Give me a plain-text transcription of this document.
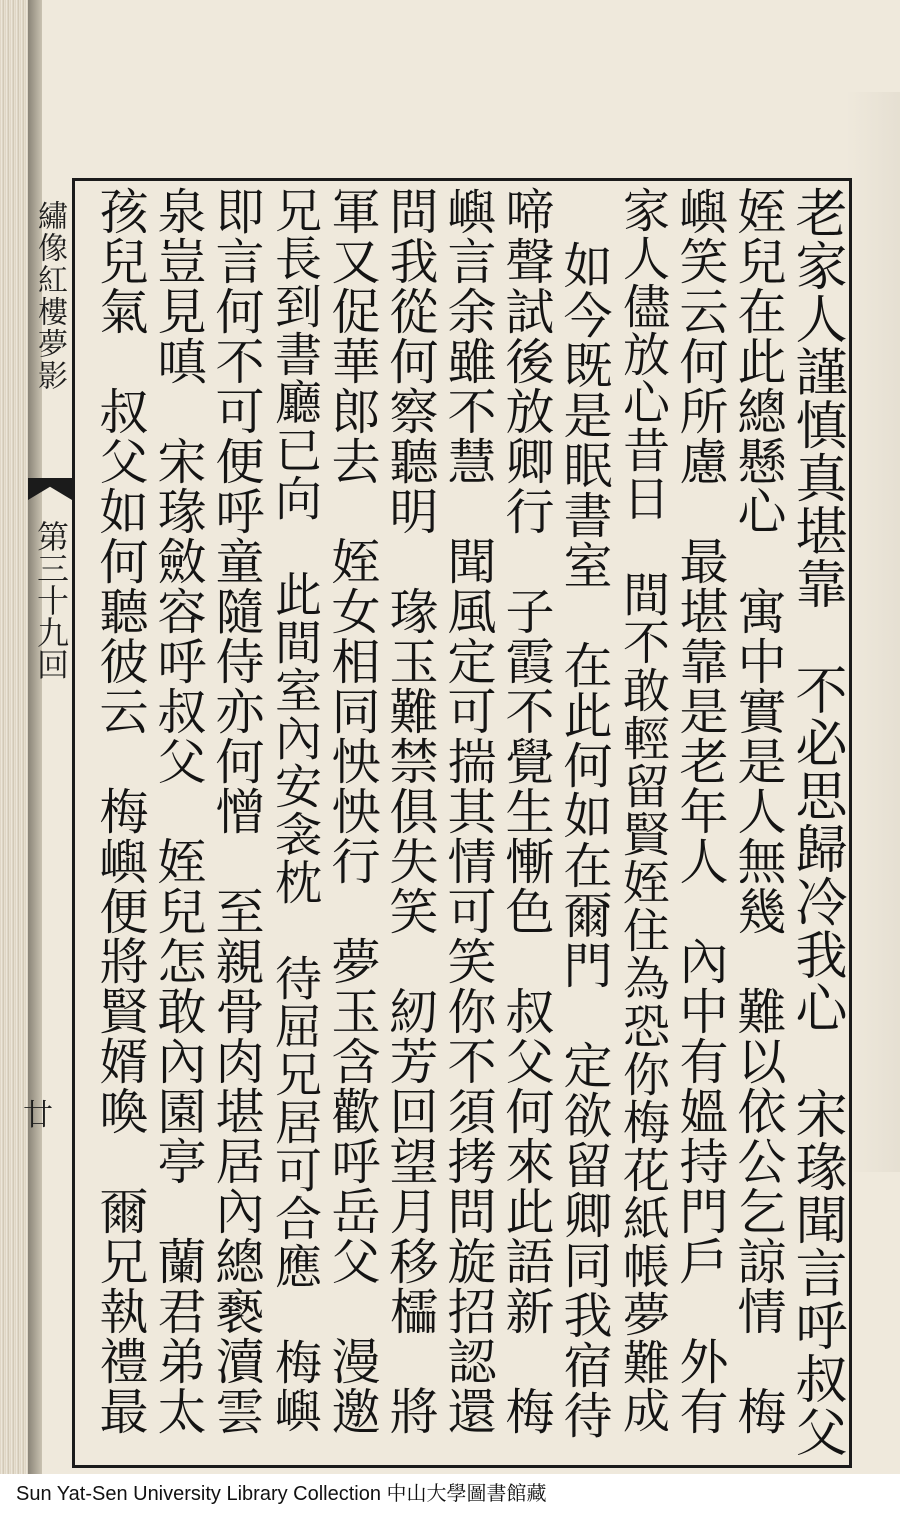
繡像紅樓夢影
第三十九回
廿	老家人謹慎真堪靠　不必思歸冷我心　宋瑑聞言呼叔父
姪兒在此總懸心　寓中實是人無幾　難以依公乞諒情　梅
嶼笑云何所慮　最堪靠是老年人　內中有媼持門戶　外有
家人儘放心昔日　間不敢輕留賢姪住為恐你梅花紙帳夢難成
如今既是眠書室　在此何如在爾門　定欲留卿同我宿待
啼聲試後放卿行　子霞不覺生慚色　叔父何來此語新　梅
嶼言余雖不慧　聞風定可揣其情可笑你不須拷問旋招認還
問我從何察聽明　瑑玉難禁俱失笑　紉芳回望月移櫺　將
軍又促華郎去　姪女相同怏怏行　夢玉含歡呼岳父　漫邀
兄長到書廳已向　此間室內安衾枕　待屈兄居可合應　梅嶼
即言何不可便呼童隨侍亦何憎　至親骨肉堪居內總褻瀆雲
泉豈見嗔　宋瑑斂容呼叔父　姪兒怎敢內園亭　蘭君弟太
孩兒氣　叔父如何聽彼云　梅嶼便將賢婿喚　爾兄執禮最
Sun Yat-Sen University Library Collection 中山大學圖書館藏
